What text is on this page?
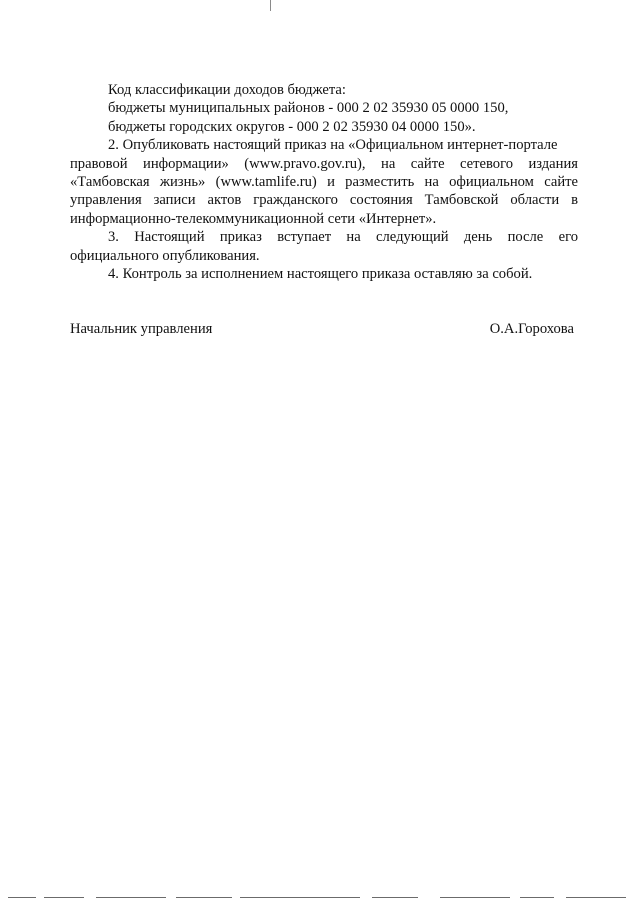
Код классификации доходов бюджета:
бюджеты муниципальных районов - 000 2 02 35930 05 0000 150,
бюджеты городских округов - 000 2 02 35930 04 0000 150».
2. Опубликовать настоящий приказ на «Официальном интернет-портале
правовой информации» (www.pravo.gov.ru), на сайте сетевого издания
«Тамбовская жизнь» (www.tamlife.ru) и разместить на официальном сайте
управления записи актов гражданского состояния Тамбовской области в
информационно-телекоммуникационной сети «Интернет».
3. Настоящий приказ вступает на следующий день после его
официального опубликования.
4. Контроль за исполнением настоящего приказа оставляю за собой.
Начальник управления	О.А.Горохова
